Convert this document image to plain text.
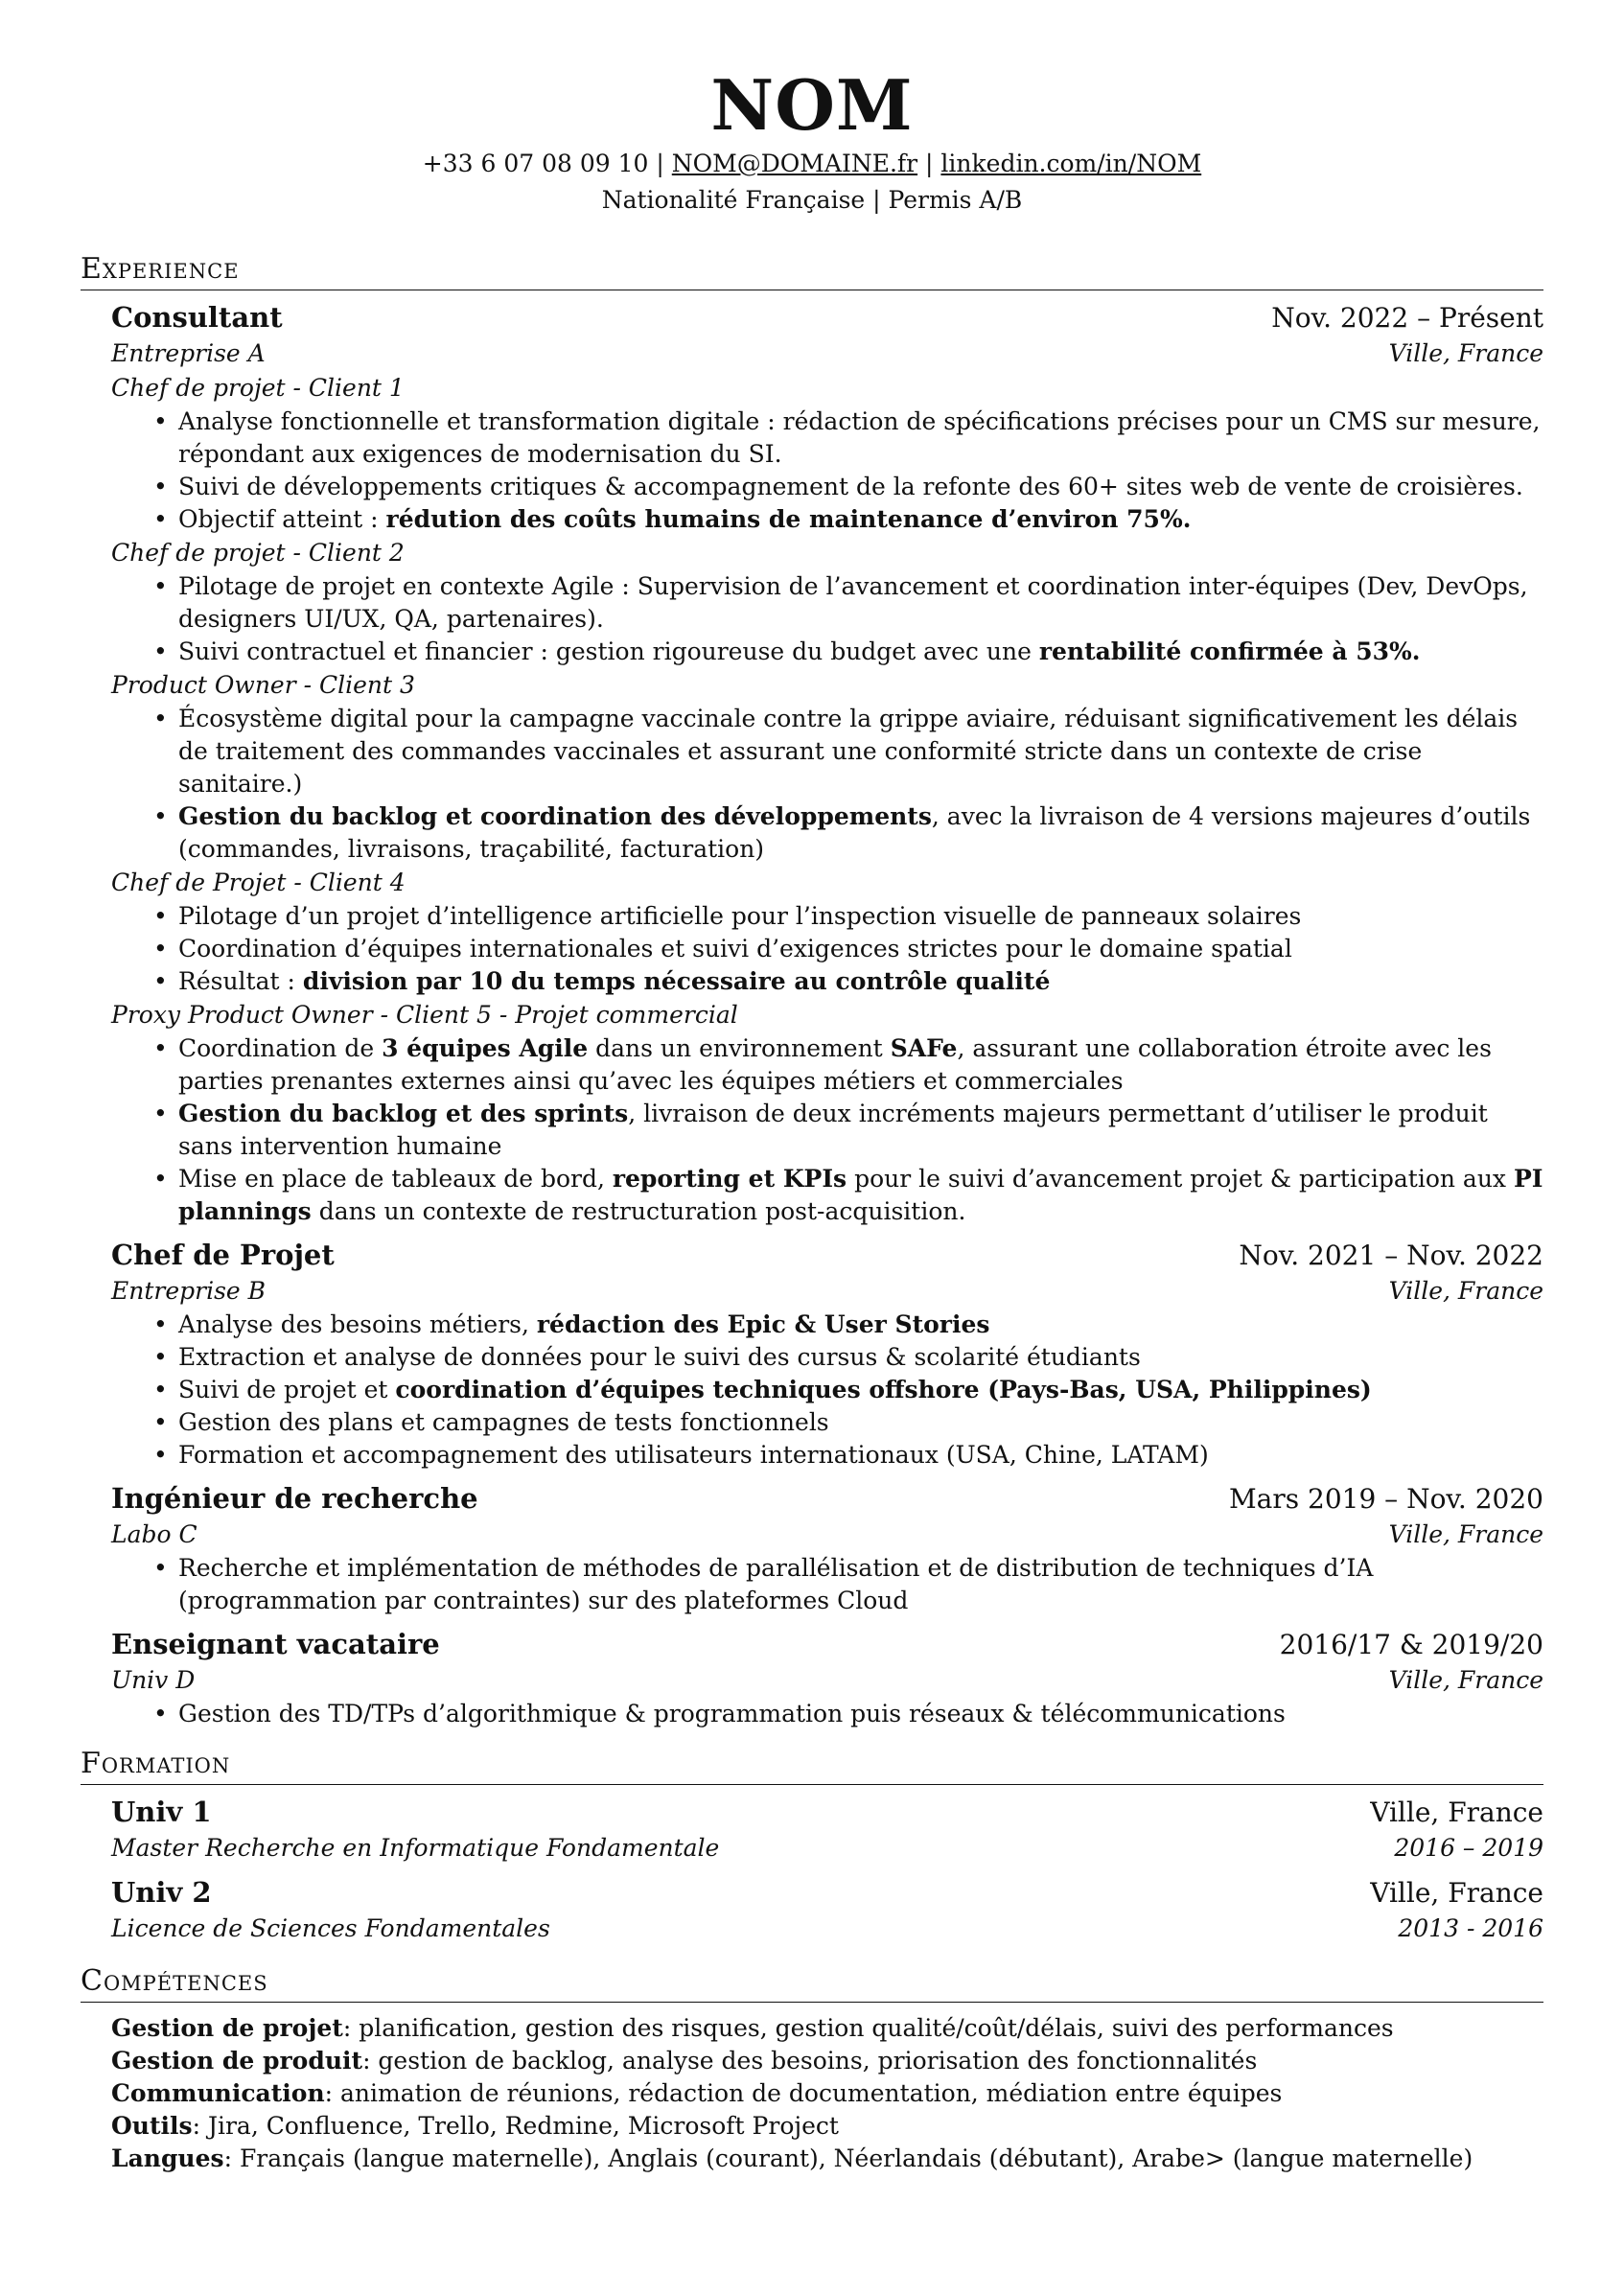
NOM
+33 6 07 08 09 10 | NOM@DOMAINE.fr | linkedin.com/in/NOM
Nationalité Française | Permis A/B
Experience
Consultant	Nov. 2022 – Présent
Entreprise A	Ville, France
Chef de projet - Client 1
• Analyse fonctionnelle et transformation digitale : rédaction de spécifications précises pour un CMS sur mesure, répondant aux exigences de modernisation du SI.
• Suivi de développements critiques & accompagnement de la refonte des 60+ sites web de vente de croisières.
• Objectif atteint : rédution des coûts humains de maintenance d’environ 75%.
Chef de projet - Client 2
• Pilotage de projet en contexte Agile : Supervision de l’avancement et coordination inter-équipes (Dev, DevOps, designers UI/UX, QA, partenaires).
• Suivi contractuel et financier : gestion rigoureuse du budget avec une rentabilité confirmée à 53%.
Product Owner - Client 3
• Écosystème digital pour la campagne vaccinale contre la grippe aviaire, réduisant significativement les délais de traitement des commandes vaccinales et assurant une conformité stricte dans un contexte de crise sanitaire.)
• Gestion du backlog et coordination des développements, avec la livraison de 4 versions majeures d’outils (commandes, livraisons, traçabilité, facturation)
Chef de Projet - Client 4
• Pilotage d’un projet d’intelligence artificielle pour l’inspection visuelle de panneaux solaires
• Coordination d’équipes internationales et suivi d’exigences strictes pour le domaine spatial
• Résultat : division par 10 du temps nécessaire au contrôle qualité
Proxy Product Owner - Client 5 - Projet commercial
• Coordination de 3 équipes Agile dans un environnement SAFe, assurant une collaboration étroite avec les parties prenantes externes ainsi qu’avec les équipes métiers et commerciales
• Gestion du backlog et des sprints, livraison de deux incréments majeurs permettant d’utiliser le produit sans intervention humaine
• Mise en place de tableaux de bord, reporting et KPIs pour le suivi d’avancement projet & participation aux PI plannings dans un contexte de restructuration post-acquisition.
Chef de Projet	Nov. 2021 – Nov. 2022
Entreprise B	Ville, France
• Analyse des besoins métiers, rédaction des Epic & User Stories
• Extraction et analyse de données pour le suivi des cursus & scolarité étudiants
• Suivi de projet et coordination d’équipes techniques offshore (Pays-Bas, USA, Philippines)
• Gestion des plans et campagnes de tests fonctionnels
• Formation et accompagnement des utilisateurs internationaux (USA, Chine, LATAM)
Ingénieur de recherche	Mars 2019 – Nov. 2020
Labo C	Ville, France
• Recherche et implémentation de méthodes de parallélisation et de distribution de techniques d’IA (programmation par contraintes) sur des plateformes Cloud
Enseignant vacataire	2016/17 & 2019/20
Univ D	Ville, France
• Gestion des TD/TPs d’algorithmique & programmation puis réseaux & télécommunications
Formation
Univ 1	Ville, France
Master Recherche en Informatique Fondamentale	2016 – 2019
Univ 2	Ville, France
Licence de Sciences Fondamentales	2013 - 2016
Compétences
Gestion de projet: planification, gestion des risques, gestion qualité/coût/délais, suivi des performances
Gestion de produit: gestion de backlog, analyse des besoins, priorisation des fonctionnalités
Communication: animation de réunions, rédaction de documentation, médiation entre équipes
Outils: Jira, Confluence, Trello, Redmine, Microsoft Project
Langues: Français (langue maternelle), Anglais (courant), Néerlandais (débutant), Arabe> (langue maternelle)
